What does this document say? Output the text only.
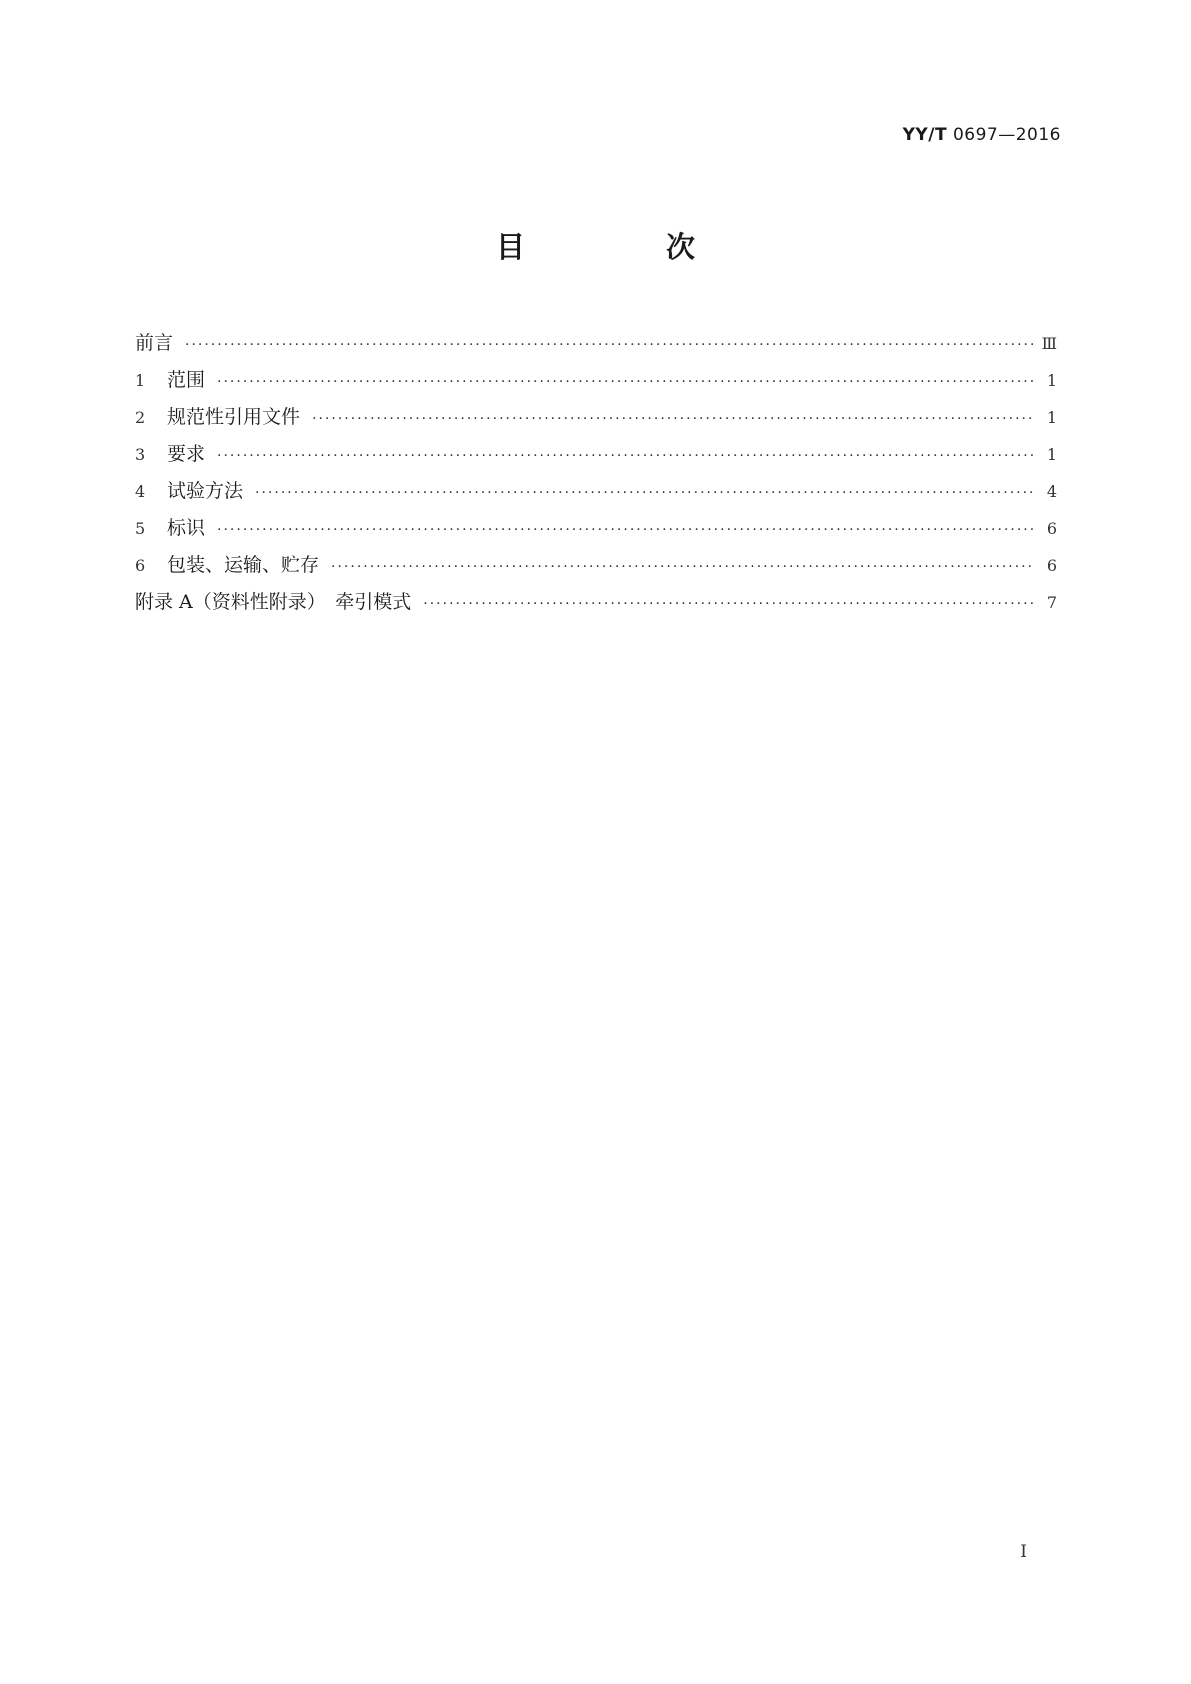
YY/T 0697—2016
目　次
前言 ·····	Ⅲ
1 范围 ·····	1
2 规范性引用文件 ·····	1
3 要求 ·····	1
4 试验方法 ·····	4
5 标识 ·····	6
6 包装、运输、贮存 ·····	6
附录 A（资料性附录）　牵引模式 ·····	7
I
